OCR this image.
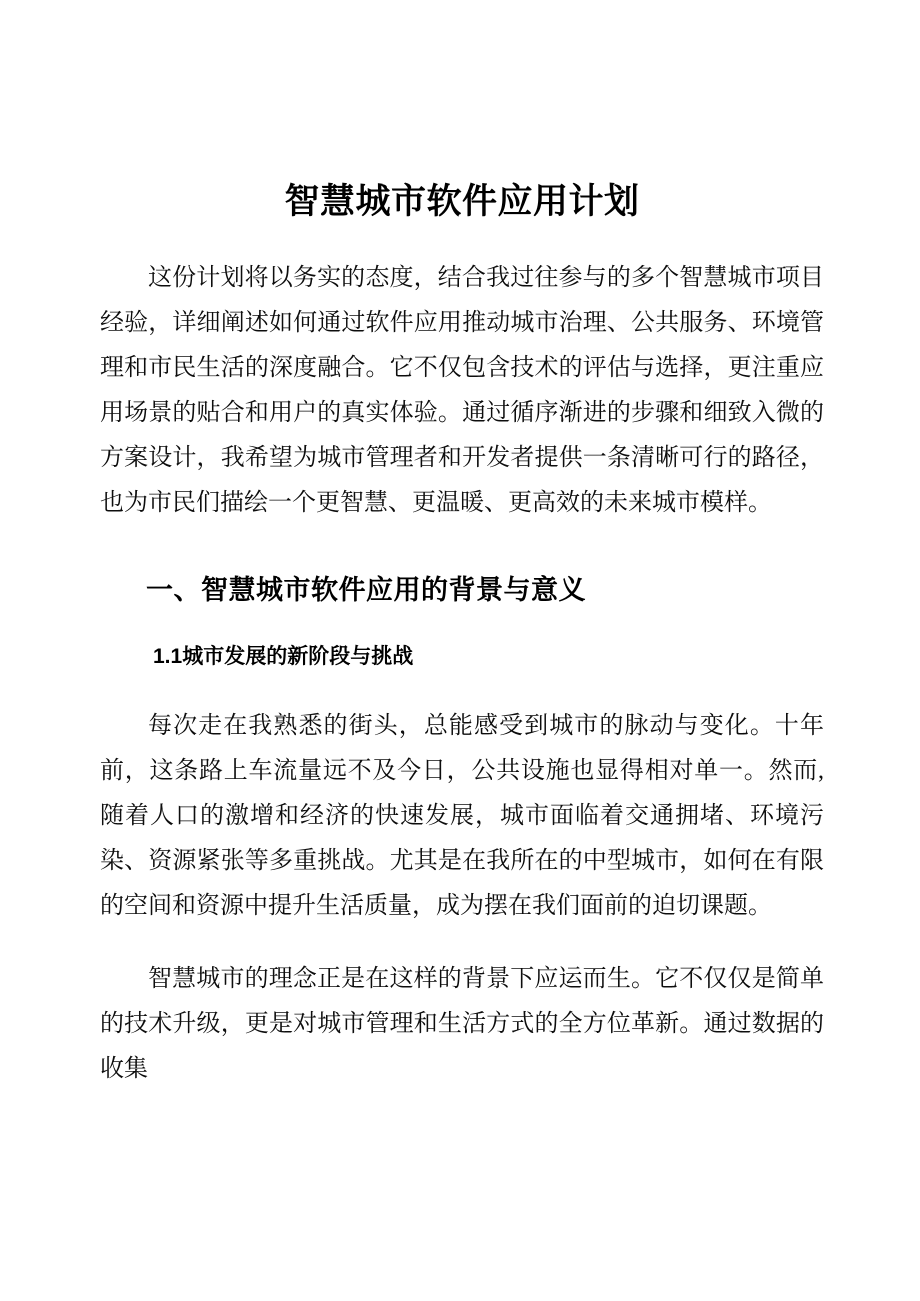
智慧城市软件应用计划

这份计划将以务实的态度，结合我过往参与的多个智慧城市项目经验，详细阐述如何通过软件应用推动城市治理、公共服务、环境管理和市民生活的深度融合。它不仅包含技术的评估与选择，更注重应用场景的贴合和用户的真实体验。通过循序渐进的步骤和细致入微的方案设计，我希望为城市管理者和开发者提供一条清晰可行的路径，也为市民们描绘一个更智慧、更温暖、更高效的未来城市模样。

一、智慧城市软件应用的背景与意义
1.1城市发展的新阶段与挑战

每次走在我熟悉的街头，总能感受到城市的脉动与变化。十年前，这条路上车流量远不及今日，公共设施也显得相对单一。然而,随着人口的激增和经济的快速发展，城市面临着交通拥堵、环境污染、资源紧张等多重挑战。尤其是在我所在的中型城市，如何在有限的空间和资源中提升生活质量，成为摆在我们面前的迫切课题。

智慧城市的理念正是在这样的背景下应运而生。它不仅仅是简单的技术升级，更是对城市管理和生活方式的全方位革新。通过数据的收集
